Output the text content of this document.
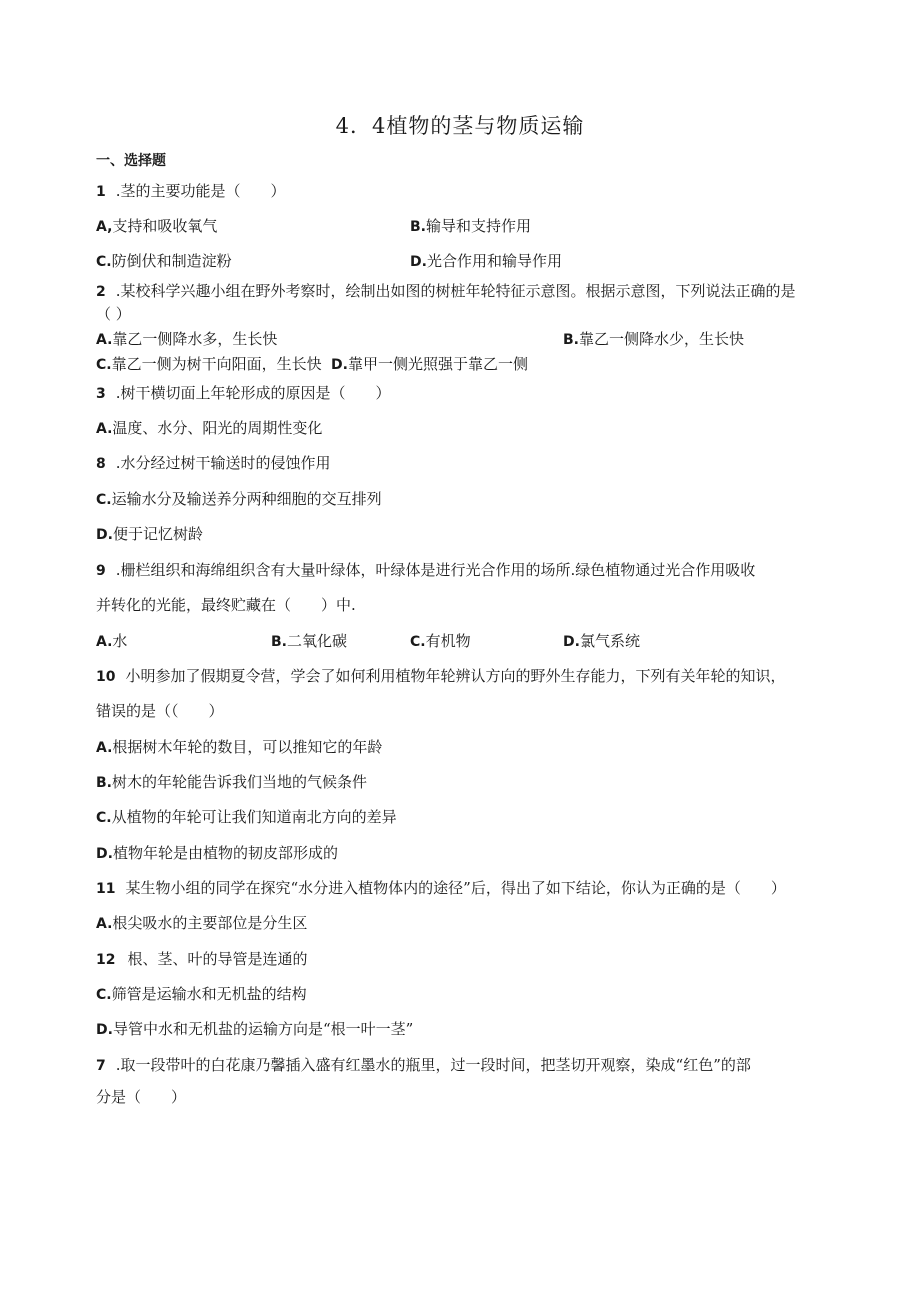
4．4植物的茎与物质运输
一、选择题
1 .茎的主要功能是（　　）
A,支持和吸收氧气	B.输导和支持作用
C.防倒伏和制造淀粉	D.光合作用和输导作用
2 .某校科学兴趣小组在野外考察时，绘制出如图的树桩年轮特征示意图。根据示意图，下列说法正确的是
（ ）
A.靠乙一侧降水多，生长快	B.靠乙一侧降水少，生长快
C.靠乙一侧为树干向阳面，生长快 D.靠甲一侧光照强于靠乙一侧
3 .树干横切面上年轮形成的原因是（　　）
A.温度、水分、阳光的周期性变化
8 .水分经过树干输送时的侵蚀作用
C.运输水分及输送养分两种细胞的交互排列
D.便于记忆树龄
9 .栅栏组织和海绵组织含有大量叶绿体，叶绿体是进行光合作用的场所.绿色植物通过光合作用吸收
并转化的光能，最终贮藏在（　　）中.
A.水	B.二氧化碳	C.有机物	D.氯气系统
10 小明参加了假期夏令营，学会了如何利用植物年轮辨认方向的野外生存能力，下列有关年轮的知识，
错误的是（（　　）
A.根据树木年轮的数目，可以推知它的年龄
B.树木的年轮能告诉我们当地的气候条件
C.从植物的年轮可让我们知道南北方向的差异
D.植物年轮是由植物的韧皮部形成的
11 某生物小组的同学在探究“水分进入植物体内的途径”后，得出了如下结论，你认为正确的是（　　）
A.根尖吸水的主要部位是分生区
12 根、茎、叶的导管是连通的
C.筛管是运输水和无机盐的结构
D.导管中水和无机盐的运输方向是“根一叶一茎”
7 .取一段带叶的白花康乃馨插入盛有红墨水的瓶里，过一段时间，把茎切开观察，染成“红色”的部
分是（　　）
